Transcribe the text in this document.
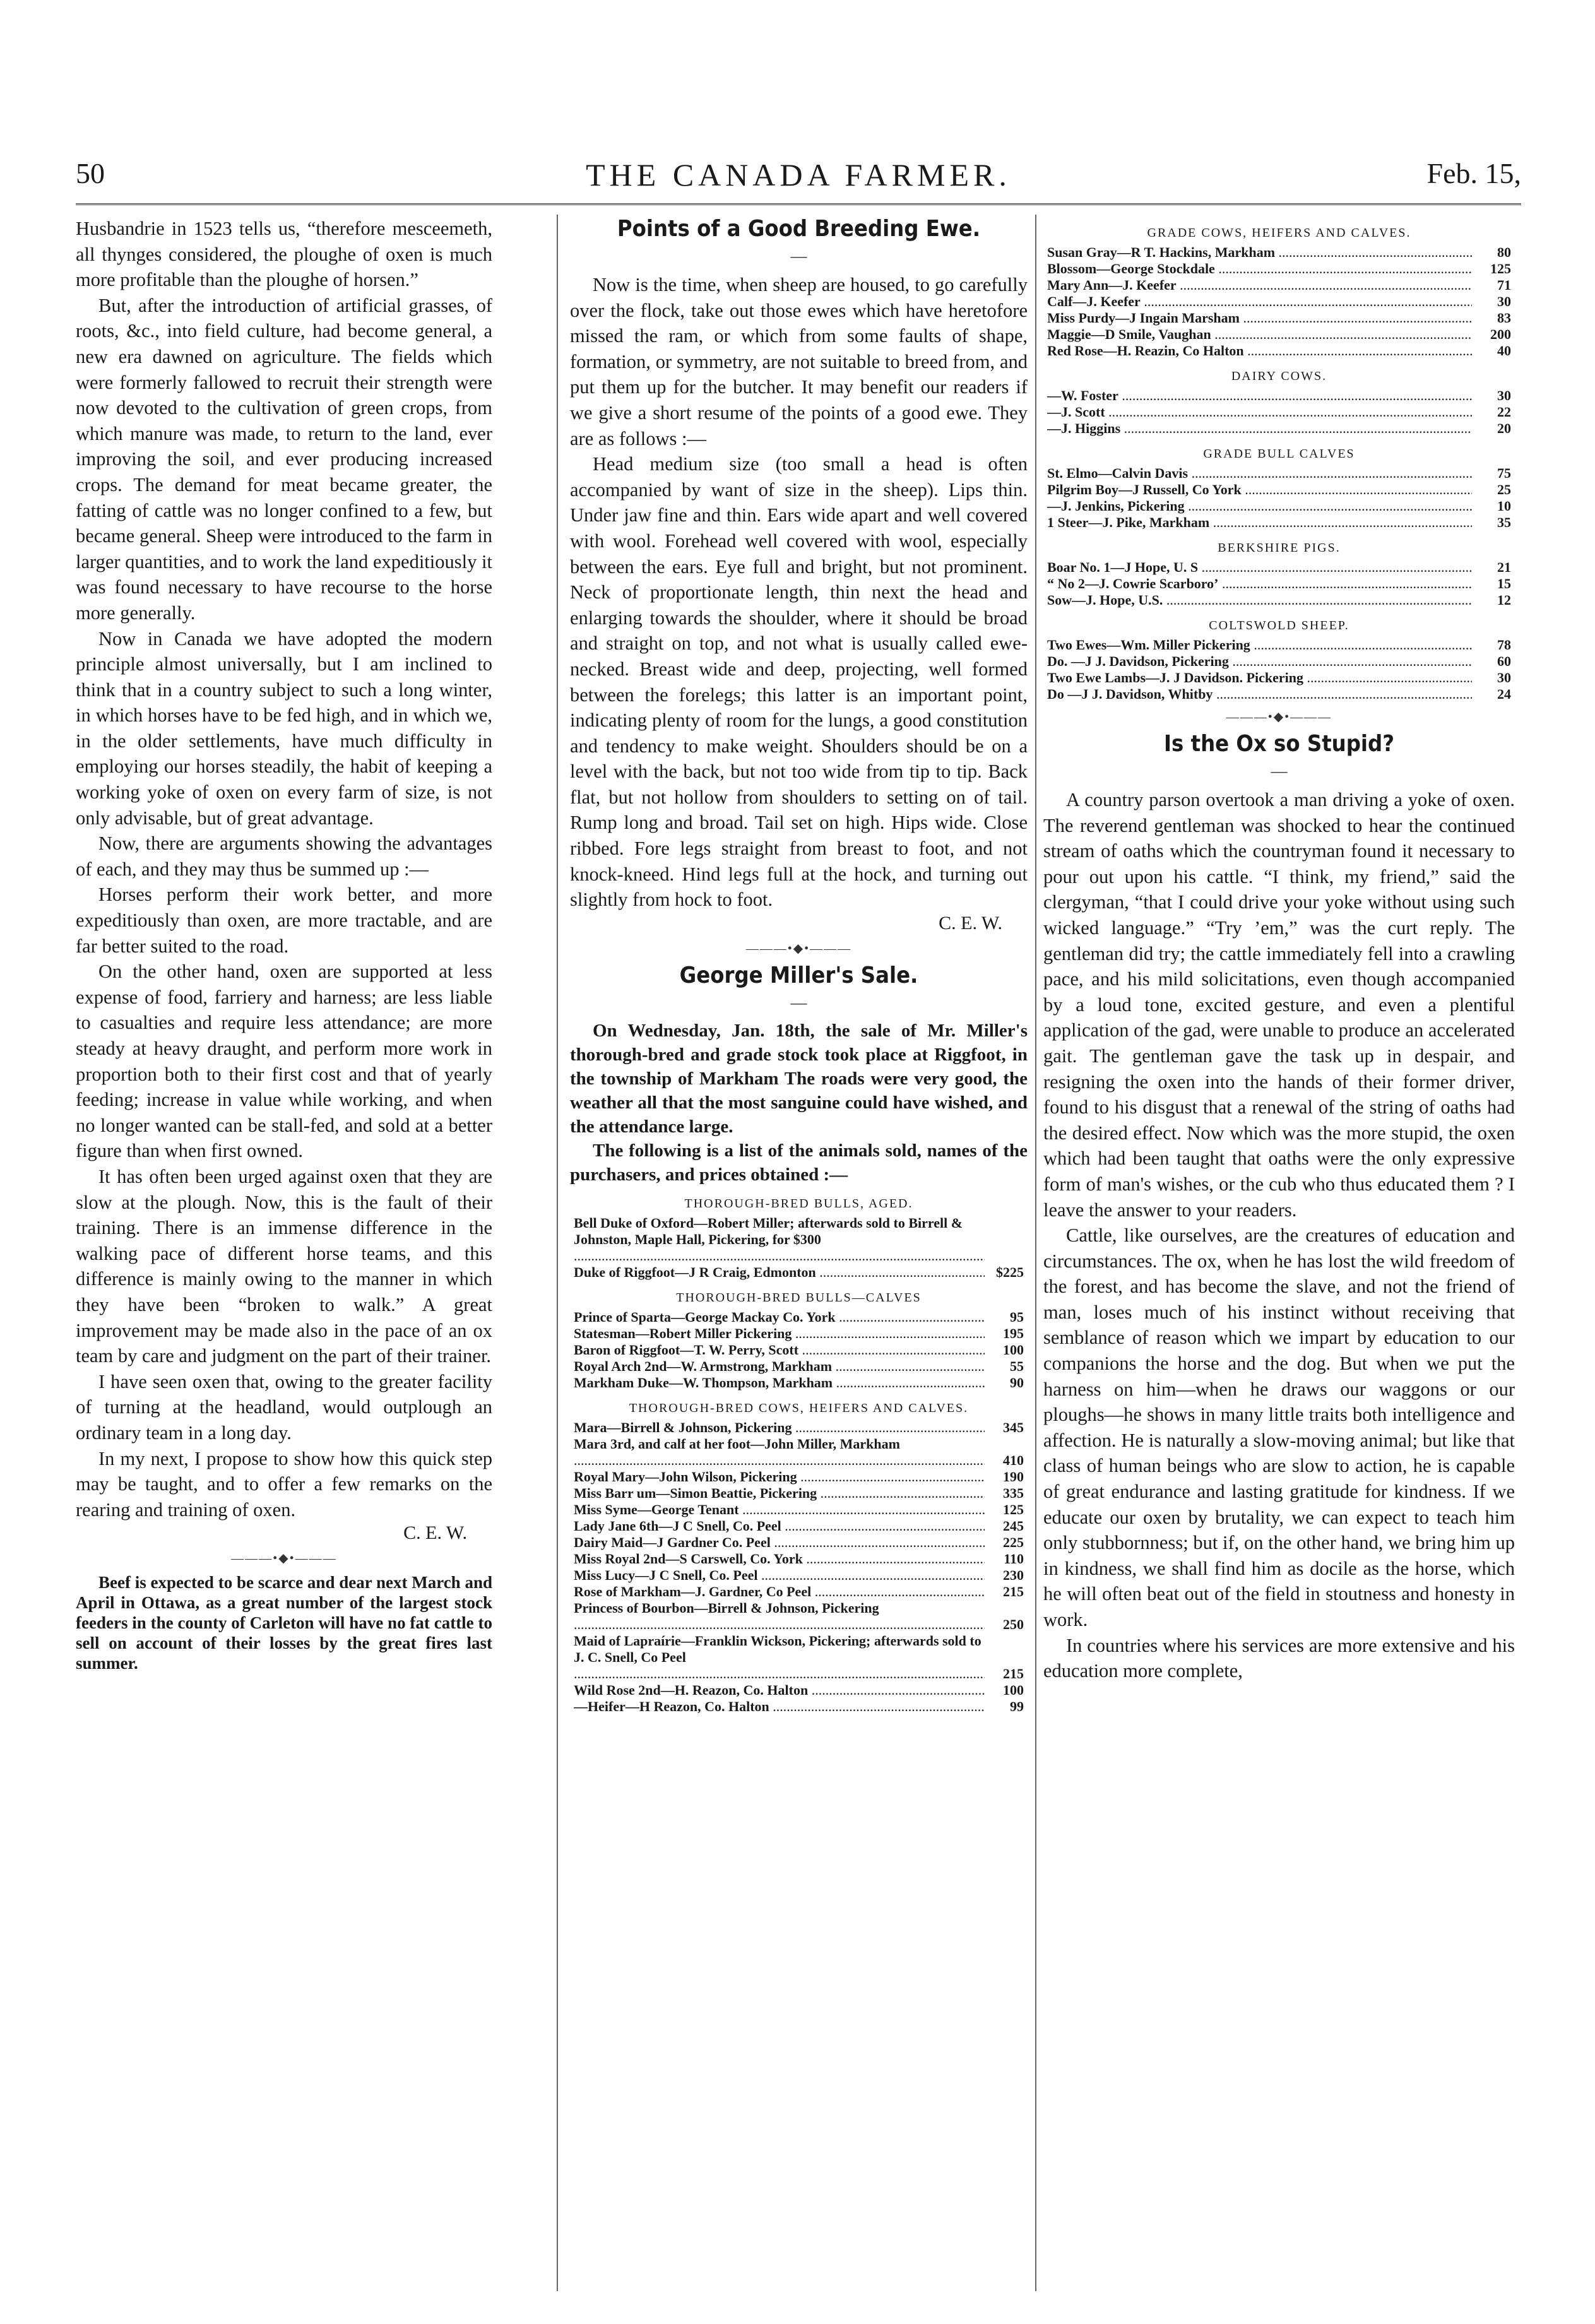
50	THE CANADA FARMER.	Feb. 15,

Husbandrie in 1523 tells us, “therefore mesceemeth, all thynges considered, the ploughe of oxen is much more profitable than the ploughe of horsen.”

But, after the introduction of artificial grasses, of roots, &c., into field culture, had become general, a new era dawned on agriculture. The fields which were formerly fallowed to recruit their strength were now devoted to the cultivation of green crops, from which manure was made, to return to the land, ever improving the soil, and ever producing increased crops. The demand for meat became greater, the fatting of cattle was no longer confined to a few, but became general. Sheep were introduced to the farm in larger quantities, and to work the land expeditiously it was found necessary to have recourse to the horse more generally.

Now in Canada we have adopted the modern principle almost universally, but I am inclined to think that in a country subject to such a long winter, in which horses have to be fed high, and in which we, in the older settlements, have much difficulty in employing our horses steadily, the habit of keeping a working yoke of oxen on every farm of size, is not only advisable, but of great advantage.

Now, there are arguments showing the advantages of each, and they may thus be summed up :—

Horses perform their work better, and more expeditiously than oxen, are more tractable, and are far better suited to the road.

On the other hand, oxen are supported at less expense of food, farriery and harness; are less liable to casualties and require less attendance; are more steady at heavy draught, and perform more work in proportion both to their first cost and that of yearly feeding; increase in value while working, and when no longer wanted can be stall-fed, and sold at a better figure than when first owned.

It has often been urged against oxen that they are slow at the plough. Now, this is the fault of their training. There is an immense difference in the walking pace of different horse teams, and this difference is mainly owing to the manner in which they have been “broken to walk.” A great improvement may be made also in the pace of an ox team by care and judgment on the part of their trainer.

I have seen oxen that, owing to the greater facility of turning at the headland, would outplough an ordinary team in a long day.

In my next, I propose to show how this quick step may be taught, and to offer a few remarks on the rearing and training of oxen.

C. E. W.

———•◆•———

Beef is expected to be scarce and dear next March and April in Ottawa, as a great number of the largest stock feeders in the county of Carleton will have no fat cattle to sell on account of their losses by the great fires last summer.

Points of a Good Breeding Ewe.
—

Now is the time, when sheep are housed, to go carefully over the flock, take out those ewes which have heretofore missed the ram, or which from some faults of shape, formation, or symmetry, are not suitable to breed from, and put them up for the butcher. It may benefit our readers if we give a short resume of the points of a good ewe. They are as follows :—

Head medium size (too small a head is often accompanied by want of size in the sheep). Lips thin. Under jaw fine and thin. Ears wide apart and well covered with wool. Forehead well covered with wool, especially between the ears. Eye full and bright, but not prominent. Neck of proportionate length, thin next the head and enlarging towards the shoulder, where it should be broad and straight on top, and not what is usually called ewe-necked. Breast wide and deep, projecting, well formed between the forelegs; this latter is an important point, indicating plenty of room for the lungs, a good constitution and tendency to make weight. Shoulders should be on a level with the back, but not too wide from tip to tip. Back flat, but not hollow from shoulders to setting on of tail. Rump long and broad. Tail set on high. Hips wide. Close ribbed. Fore legs straight from breast to foot, and not knock-kneed. Hind legs full at the hock, and turning out slightly from hock to foot.

C. E. W.

———•◆•———
George Miller's Sale.
—

On Wednesday, Jan. 18th, the sale of Mr. Miller's thorough-bred and grade stock took place at Riggfoot, in the township of Markham The roads were very good, the weather all that the most sanguine could have wished, and the attendance large.

The following is a list of the animals sold, names of the purchasers, and prices obtained :—

THOROUGH-BRED BULLS, AGED.
Bell Duke of Oxford—Robert Miller; afterwards sold to Birrell & Johnston, Maple Hall, Pickering, for $300 .....
Duke of Riggfoot—J R Craig, Edmonton .....	$225
THOROUGH-BRED BULLS—CALVES
Prince of Sparta—George Mackay Co. York .....	95
Statesman—Robert Miller Pickering .....	195
Baron of Riggfoot—T. W. Perry, Scott .....	100
Royal Arch 2nd—W. Armstrong, Markham .....	55
Markham Duke—W. Thompson, Markham .....	90
THOROUGH-BRED COWS, HEIFERS AND CALVES.
Mara—Birrell & Johnson, Pickering .....	345
Mara 3rd, and calf at her foot—John Miller, Markham .....
410
Royal Mary—John Wilson, Pickering .....	190
Miss Barr um—Simon Beattie, Pickering .....	335
Miss Syme—George Tenant .....	125
Lady Jane 6th—J C Snell, Co. Peel .....	245
Dairy Maid—J Gardner Co. Peel .....	225
Miss Royal 2nd—S Carswell, Co. York .....	110
Miss Lucy—J C Snell, Co. Peel .....	230
Rose of Markham—J. Gardner, Co Peel .....	215
Princess of Bourbon—Birrell & Johnson, Pickering .....
250
Maid of Lapraírie—Franklin Wickson, Pickering; afterwards sold to J. C. Snell, Co Peel .....
215
Wild Rose 2nd—H. Reazon, Co. Halton .....	100
—Heifer—H Reazon, Co. Halton .....	99
GRADE COWS, HEIFERS AND CALVES.
Susan Gray—R T. Hackins, Markham .....	80
Blossom—George Stockdale .....	125
Mary Ann—J. Keefer .....	71
Calf—J. Keefer .....	30
Miss Purdy—J Ingain Marsham .....	83
Maggie—D Smile, Vaughan .....	200
Red Rose—H. Reazin, Co Halton .....	40
DAIRY COWS.
—W. Foster .....	30
—J. Scott .....	22
—J. Higgins .....	20
GRADE BULL CALVES
St. Elmo—Calvin Davis .....	75
Pilgrim Boy—J Russell, Co York .....	25
—J. Jenkins, Pickering .....	10
1 Steer—J. Pike, Markham .....	35
BERKSHIRE PIGS.
Boar No. 1—J Hope, U. S .....	21
“ No 2—J. Cowrie Scarboro’ .....	15
Sow—J. Hope, U.S. .....	12
COLTSWOLD SHEEP.
Two Ewes—Wm. Miller Pickering .....	78
Do. —J J. Davidson, Pickering .....	60
Two Ewe Lambs—J. J Davidson. Pickering .....	30
Do —J J. Davidson, Whitby .....	24
———•◆•———
Is the Ox so Stupid?
—

A country parson overtook a man driving a yoke of oxen. The reverend gentleman was shocked to hear the continued stream of oaths which the countryman found it necessary to pour out upon his cattle. “I think, my friend,” said the clergyman, “that I could drive your yoke without using such wicked language.” “Try ’em,” was the curt reply. The gentleman did try; the cattle immediately fell into a crawling pace, and his mild solicitations, even though accompanied by a loud tone, excited gesture, and even a plentiful application of the gad, were unable to produce an accelerated gait. The gentleman gave the task up in despair, and resigning the oxen into the hands of their former driver, found to his disgust that a renewal of the string of oaths had the desired effect. Now which was the more stupid, the oxen which had been taught that oaths were the only expressive form of man's wishes, or the cub who thus educated them ? I leave the answer to your readers.

Cattle, like ourselves, are the creatures of education and circumstances. The ox, when he has lost the wild freedom of the forest, and has become the slave, and not the friend of man, loses much of his instinct without receiving that semblance of reason which we impart by education to our companions the horse and the dog. But when we put the harness on him—when he draws our waggons or our ploughs—he shows in many little traits both intelligence and affection. He is naturally a slow-moving animal; but like that class of human beings who are slow to action, he is capable of great endurance and lasting gratitude for kindness. If we educate our oxen by brutality, we can expect to teach him only stubbornness; but if, on the other hand, we bring him up in kindness, we shall find him as docile as the horse, which he will often beat out of the field in stoutness and honesty in work.

In countries where his services are more extensive and his education more complete,
